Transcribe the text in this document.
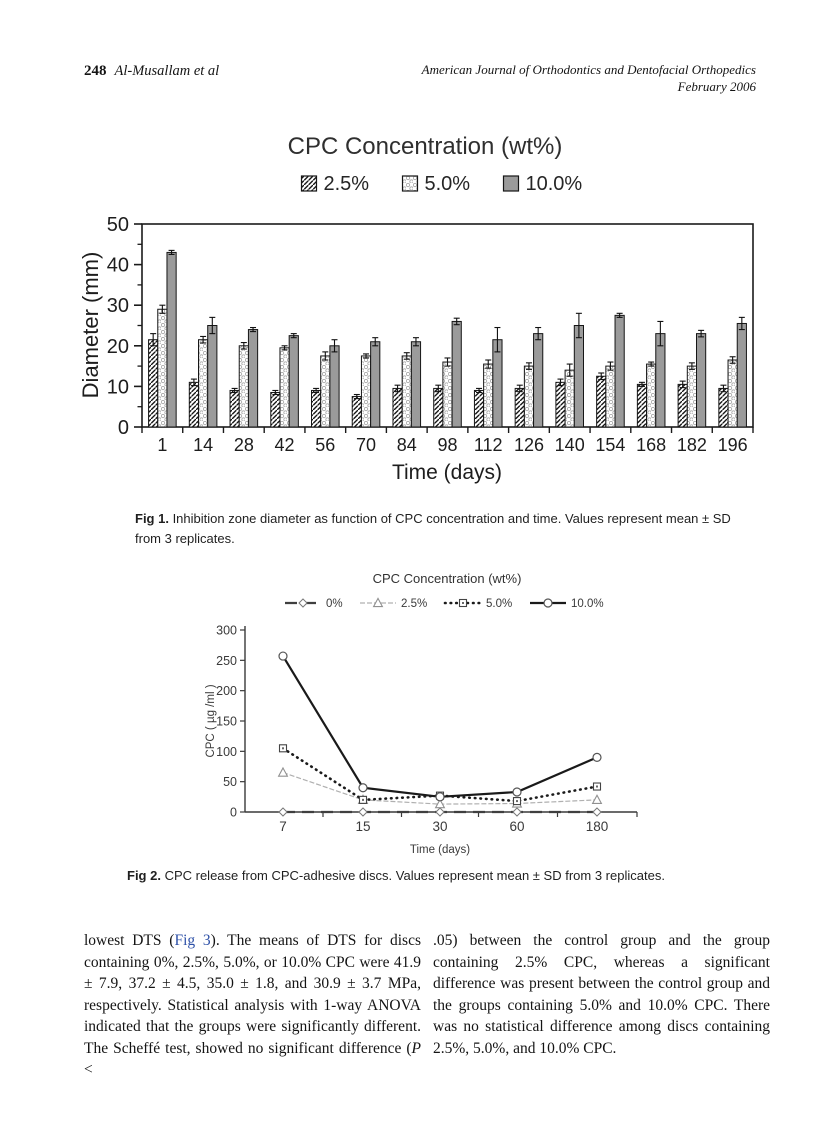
248 Al-Musallam et al	American Journal of Orthodontics and Dentofacial Orthopedics
February 2006
CPC Concentration (wt%)
2.5%	5.0%	10.0%
0
10
20
30
40
50
1 14 28 42 56 70 84 98 112 126 140 154 168 182 196
Time (days)
Diameter (mm)
Fig 1. Inhibition zone diameter as function of CPC concentration and time. Values represent mean ± SD from 3 replicates.
CPC Concentration (wt%)
0%	2.5%	5.0%	10.0%
0
50
100
150
200
250
300
7	15	30	60	180
Time (days)
CPC ( µg /ml )
Fig 2. CPC release from CPC-adhesive discs. Values represent mean ± SD from 3 replicates.
lowest DTS (Fig 3). The means of DTS for discs containing 0%, 2.5%, 5.0%, or 10.0% CPC were 41.9 ± 7.9, 37.2 ± 4.5, 35.0 ± 1.8, and 30.9 ± 3.7 MPa, respectively. Statistical analysis with 1-way ANOVA indicated that the groups were significantly different. The Scheffé test, showed no significant difference (P <
.05) between the control group and the group containing 2.5% CPC, whereas a significant difference was present between the control group and the groups containing 5.0% and 10.0% CPC. There was no statistical difference among discs containing 2.5%, 5.0%, and 10.0% CPC.
